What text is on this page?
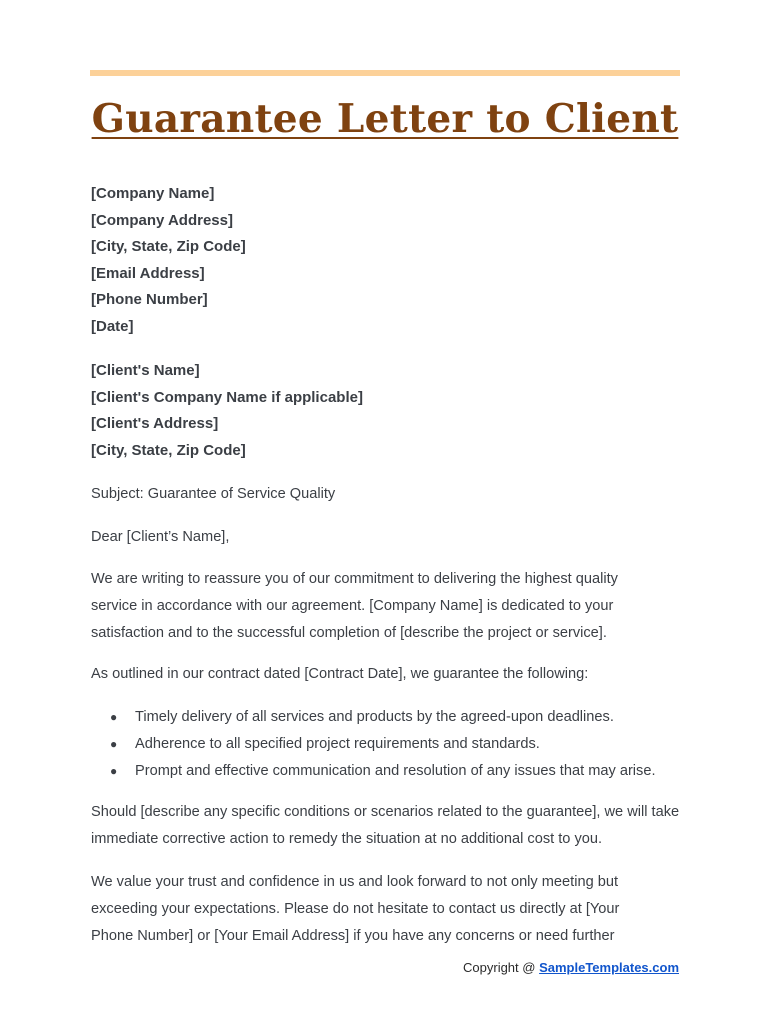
Guarantee Letter to Client
[Company Name]
[Company Address]
[City, State, Zip Code]
[Email Address]
[Phone Number]
[Date]
[Client's Name]
[Client's Company Name if applicable]
[Client's Address]
[City, State, Zip Code]

Subject: Guarantee of Service Quality

Dear [Client’s Name],

We are writing to reassure you of our commitment to delivering the highest quality service in accordance with our agreement. [Company Name] is dedicated to your satisfaction and to the successful completion of [describe the project or service].

As outlined in our contract dated [Contract Date], we guarantee the following:

● Timely delivery of all services and products by the agreed-upon deadlines.
● Adherence to all specified project requirements and standards.
● Prompt and effective communication and resolution of any issues that may arise.

Should [describe any specific conditions or scenarios related to the guarantee], we will take immediate corrective action to remedy the situation at no additional cost to you.

We value your trust and confidence in us and look forward to not only meeting but exceeding your expectations. Please do not hesitate to contact us directly at [Your Phone Number] or [Your Email Address] if you have any concerns or need further

Copyright @ SampleTemplates.com
